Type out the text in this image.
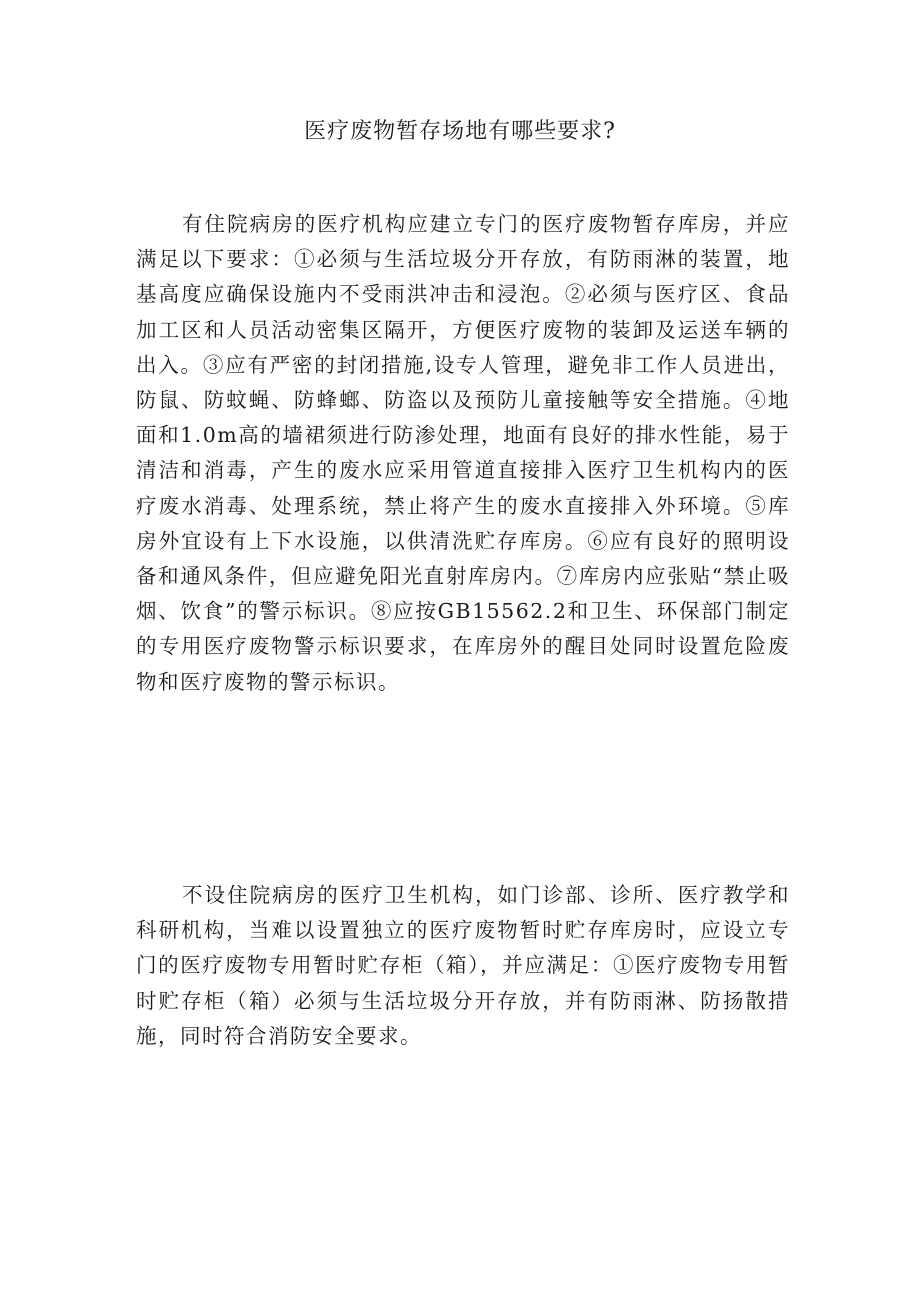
医疗废物暂存场地有哪些要求?

有住院病房的医疗机构应建立专门的医疗废物暂存库房，并应满足以下要求：①必须与生活垃圾分开存放，有防雨淋的装置，地基高度应确保设施内不受雨洪冲击和浸泡。②必须与医疗区、食品加工区和人员活动密集区隔开，方便医疗废物的装卸及运送车辆的出入。③应有严密的封闭措施,设专人管理，避免非工作人员进出，防鼠、防蚊蝇、防蜂螂、防盗以及预防儿童接触等安全措施。④地面和1.0m高的墙裙须进行防渗处理，地面有良好的排水性能，易于清洁和消毒，产生的废水应采用管道直接排入医疗卫生机构内的医疗废水消毒、处理系统，禁止将产生的废水直接排入外环境。⑤库房外宜设有上下水设施，以供清洗贮存库房。⑥应有良好的照明设备和通风条件，但应避免阳光直射库房内。⑦库房内应张贴“禁止吸烟、饮食”的警示标识。⑧应按GB15562.2和卫生、环保部门制定的专用医疗废物警示标识要求，在库房外的醒目处同时设置危险废物和医疗废物的警示标识。

不设住院病房的医疗卫生机构，如门诊部、诊所、医疗教学和科研机构，当难以设置独立的医疗废物暂时贮存库房时，应设立专门的医疗废物专用暂时贮存柜（箱），并应满足：①医疗废物专用暂时贮存柜（箱）必须与生活垃圾分开存放，并有防雨淋、防扬散措施，同时符合消防安全要求。
